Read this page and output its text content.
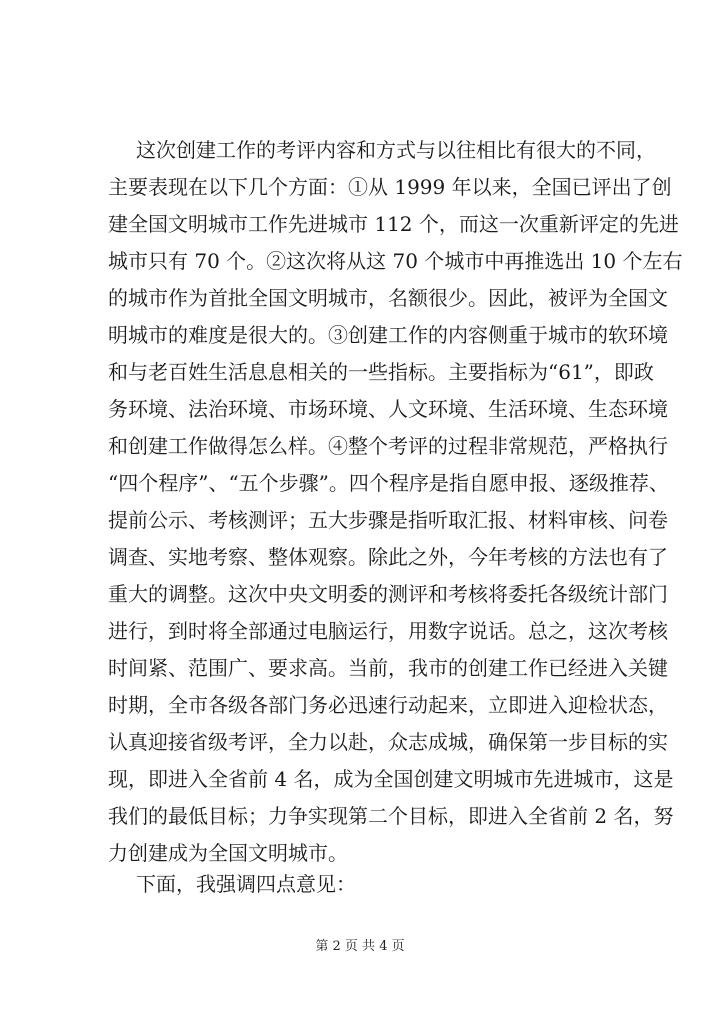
这次创建工作的考评内容和方式与以往相比有很大的不同，
主要表现在以下几个方面：①从 1999 年以来，全国已评出了创
建全国文明城市工作先进城市 112 个，而这一次重新评定的先进
城市只有 70 个。②这次将从这 70 个城市中再推选出 10 个左右
的城市作为首批全国文明城市，名额很少。因此，被评为全国文
明城市的难度是很大的。③创建工作的内容侧重于城市的软环境
和与老百姓生活息息相关的一些指标。主要指标为“61”，即政
务环境、法治环境、市场环境、人文环境、生活环境、生态环境
和创建工作做得怎么样。④整个考评的过程非常规范，严格执行
“四个程序”、“五个步骤”。四个程序是指自愿申报、逐级推荐、
提前公示、考核测评；五大步骤是指听取汇报、材料审核、问卷
调查、实地考察、整体观察。除此之外，今年考核的方法也有了
重大的调整。这次中央文明委的测评和考核将委托各级统计部门
进行，到时将全部通过电脑运行，用数字说话。总之，这次考核
时间紧、范围广、要求高。当前，我市的创建工作已经进入关键
时期，全市各级各部门务必迅速行动起来，立即进入迎检状态，
认真迎接省级考评，全力以赴，众志成城，确保第一步目标的实
现，即进入全省前 4 名，成为全国创建文明城市先进城市，这是
我们的最低目标；力争实现第二个目标，即进入全省前 2 名，努
力创建成为全国文明城市。
下面，我强调四点意见：
第 2 页 共 4 页
